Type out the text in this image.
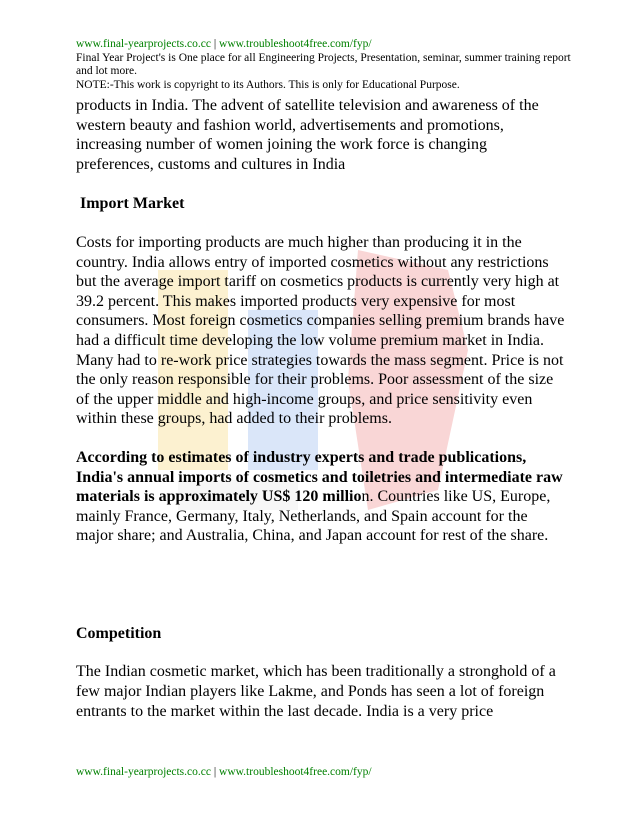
www.final-yearprojects.co.cc | www.troubleshoot4free.com/fyp/
Final Year Project's is One place for all Engineering Projects, Presentation, seminar, summer training report and lot more.
NOTE:-This work is copyright to its Authors. This is only for Educational Purpose.

products in India. The advent of satellite television and awareness of the western beauty and fashion world, advertisements and promotions, increasing number of women joining the work force is changing preferences, customs and cultures in India

Import Market

Costs for importing products are much higher than producing it in the country. India allows entry of imported cosmetics without any restrictions but the average import tariff on cosmetics products is currently very high at 39.2 percent. This makes imported products very expensive for most consumers. Most foreign cosmetics companies selling premium brands have had a difficult time developing the low volume premium market in India. Many had to re-work price strategies towards the mass segment. Price is not the only reason responsible for their problems. Poor assessment of the size of the upper middle and high-income groups, and price sensitivity even within these groups, had added to their problems.

According to estimates of industry experts and trade publications, India's annual imports of cosmetics and toiletries and intermediate raw materials is approximately US$ 120 million. Countries like US, Europe, mainly France, Germany, Italy, Netherlands, and Spain account for the major share; and Australia, China, and Japan account for rest of the share.

Competition

The Indian cosmetic market, which has been traditionally a stronghold of a few major Indian players like Lakme, and Ponds has seen a lot of foreign entrants to the market within the last decade. India is a very price

www.final-yearprojects.co.cc | www.troubleshoot4free.com/fyp/
